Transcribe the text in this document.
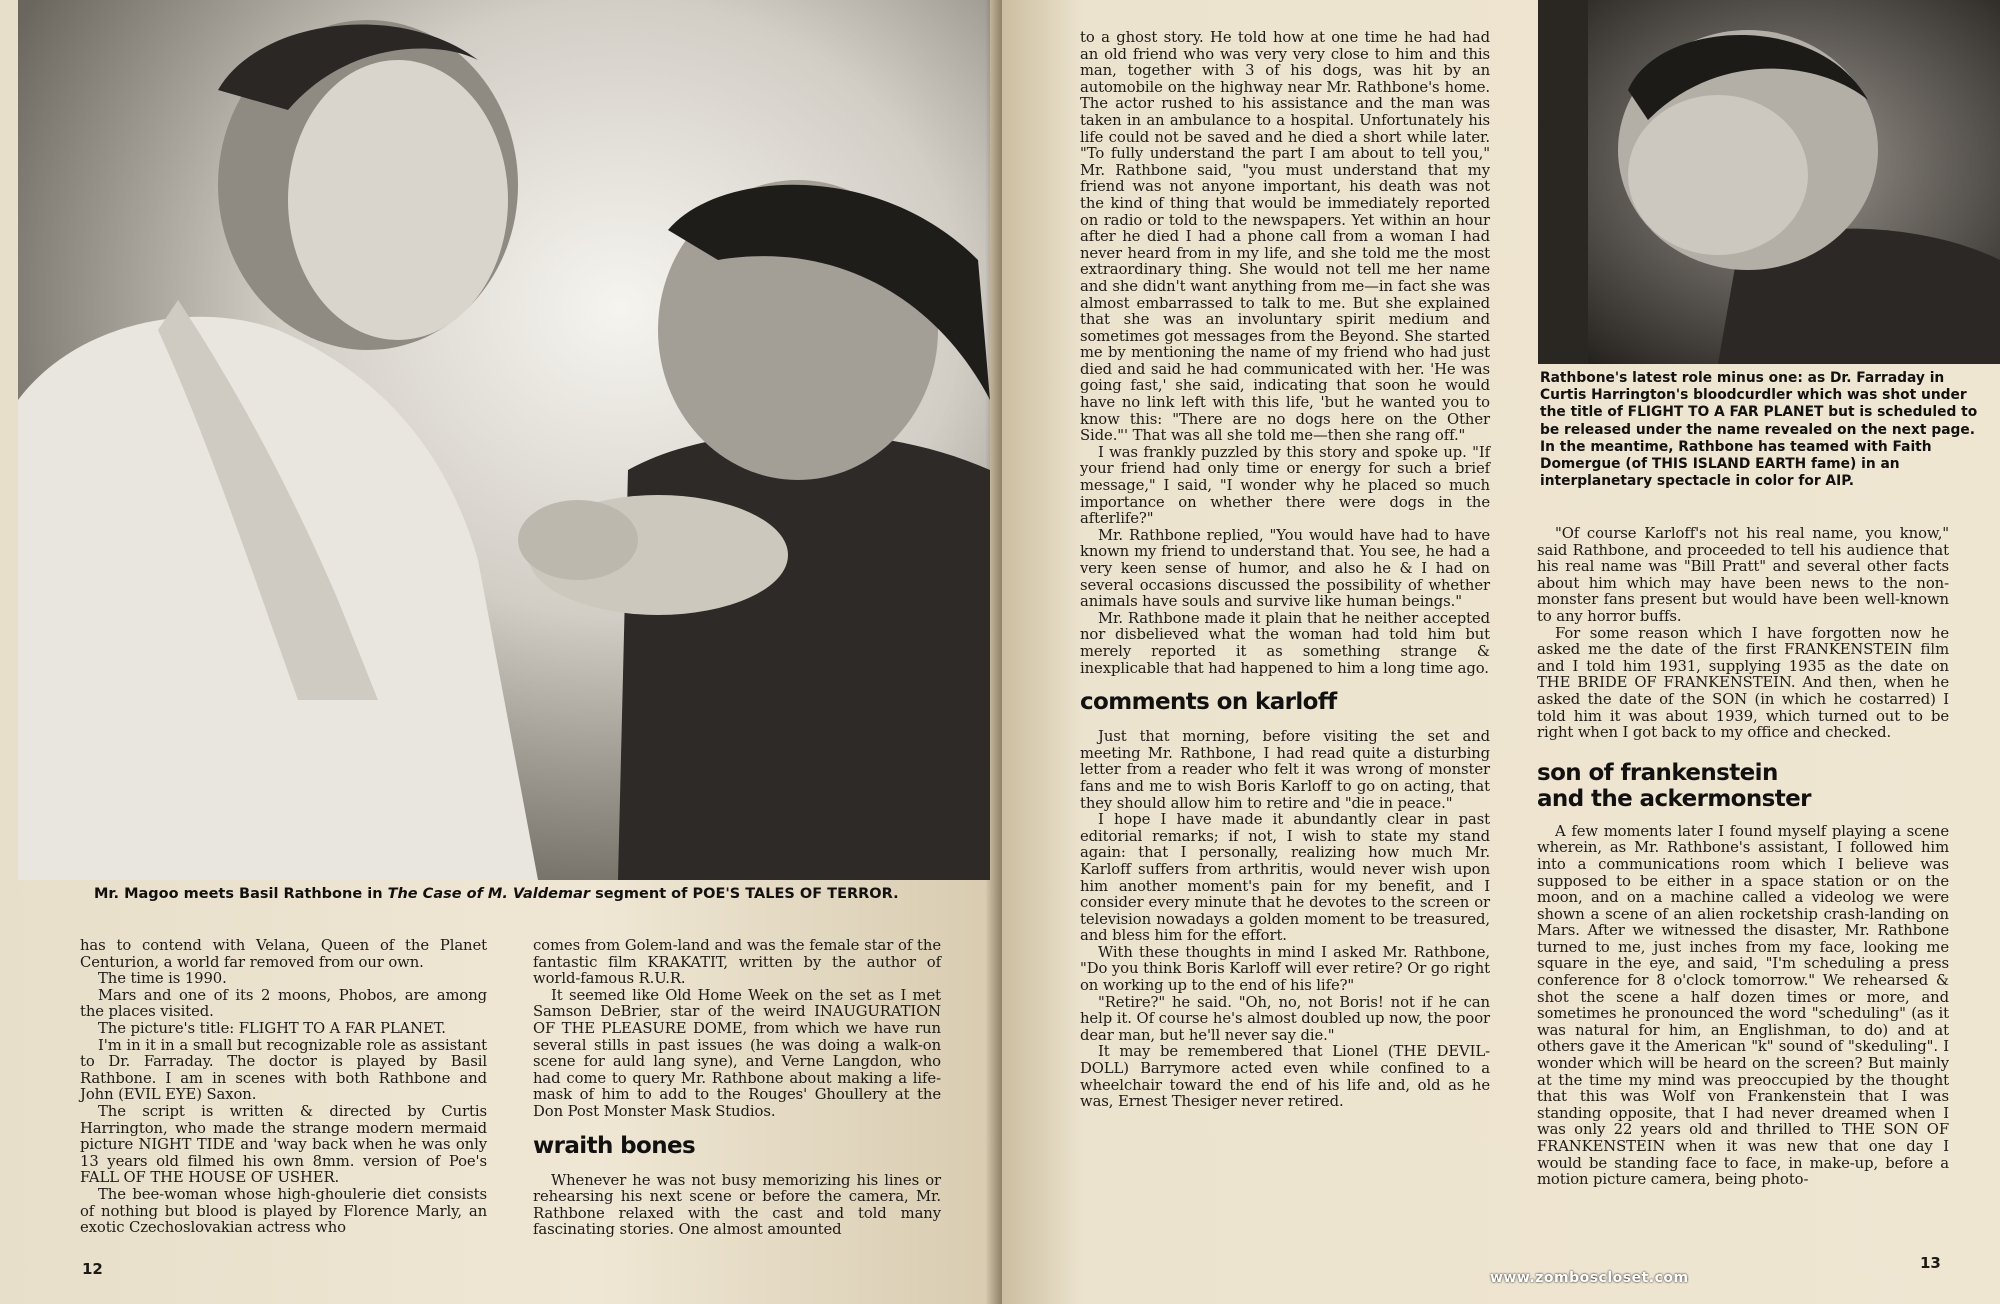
Mr. Magoo meets Basil Rathbone in The Case of M. Valdemar segment of POE'S TALES OF TERROR.

has to contend with Velana, Queen of the Planet Centurion, a world far removed from our own.

The time is 1990.

Mars and one of its 2 moons, Phobos, are among the places visited.

The picture's title: FLIGHT TO A FAR PLANET.

I'm in it in a small but recognizable role as assistant to Dr. Farraday. The doctor is played by Basil Rathbone. I am in scenes with both Rathbone and John (EVIL EYE) Saxon.

The script is written & directed by Curtis Harrington, who made the strange modern mermaid picture NIGHT TIDE and 'way back when he was only 13 years old filmed his own 8mm. version of Poe's FALL OF THE HOUSE OF USHER.

The bee-woman whose high-ghoulerie diet consists of nothing but blood is played by Florence Marly, an exotic Czechoslovakian actress who

comes from Golem-land and was the female star of the fantastic film KRAKATIT, written by the author of world-famous R.U.R.

It seemed like Old Home Week on the set as I met Samson DeBrier, star of the weird INAUGURATION OF THE PLEASURE DOME, from which we have run several stills in past issues (he was doing a walk-on scene for auld lang syne), and Verne Langdon, who had come to query Mr. Rathbone about making a life-mask of him to add to the Rouges' Ghoullery at the Don Post Monster Mask Studios.

wraith bones

Whenever he was not busy memorizing his lines or rehearsing his next scene or before the camera, Mr. Rathbone relaxed with the cast and told many fascinating stories. One almost amounted

12

to a ghost story. He told how at one time he had had an old friend who was very very close to him and this man, together with 3 of his dogs, was hit by an automobile on the highway near Mr. Rathbone's home. The actor rushed to his assistance and the man was taken in an ambulance to a hospital. Unfortunately his life could not be saved and he died a short while later. "To fully understand the part I am about to tell you," Mr. Rathbone said, "you must understand that my friend was not anyone important, his death was not the kind of thing that would be immediately reported on radio or told to the newspapers. Yet within an hour after he died I had a phone call from a woman I had never heard from in my life, and she told me the most extraordinary thing. She would not tell me her name and she didn't want anything from me—in fact she was almost embarrassed to talk to me. But she explained that she was an involuntary spirit medium and sometimes got messages from the Beyond. She started me by mentioning the name of my friend who had just died and said he had communicated with her. 'He was going fast,' she said, indicating that soon he would have no link left with this life, 'but he wanted you to know this: "There are no dogs here on the Other Side."' That was all she told me—then she rang off."

I was frankly puzzled by this story and spoke up. "If your friend had only time or energy for such a brief message," I said, "I wonder why he placed so much importance on whether there were dogs in the afterlife?"

Mr. Rathbone replied, "You would have had to have known my friend to understand that. You see, he had a very keen sense of humor, and also he & I had on several occasions discussed the possibility of whether animals have souls and survive like human beings."

Mr. Rathbone made it plain that he neither accepted nor disbelieved what the woman had told him but merely reported it as something strange & inexplicable that had happened to him a long time ago.

comments on karloff

Just that morning, before visiting the set and meeting Mr. Rathbone, I had read quite a disturbing letter from a reader who felt it was wrong of monster fans and me to wish Boris Karloff to go on acting, that they should allow him to retire and "die in peace."

I hope I have made it abundantly clear in past editorial remarks; if not, I wish to state my stand again: that I personally, realizing how much Mr. Karloff suffers from arthritis, would never wish upon him another moment's pain for my benefit, and I consider every minute that he devotes to the screen or television nowadays a golden moment to be treasured, and bless him for the effort.

With these thoughts in mind I asked Mr. Rathbone, "Do you think Boris Karloff will ever retire? Or go right on working up to the end of his life?"

"Retire?" he said. "Oh, no, not Boris! not if he can help it. Of course he's almost doubled up now, the poor dear man, but he'll never say die."

It may be remembered that Lionel (THE DEVIL-DOLL) Barrymore acted even while confined to a wheelchair toward the end of his life and, old as he was, Ernest Thesiger never retired.

Rathbone's latest role minus one: as Dr. Farraday in Curtis Harrington's bloodcurdler which was shot under the title of FLIGHT TO A FAR PLANET but is scheduled to be released under the name revealed on the next page. In the meantime, Rathbone has teamed with Faith Domergue (of THIS ISLAND EARTH fame) in an interplanetary spectacle in color for AIP.

"Of course Karloff's not his real name, you know," said Rathbone, and proceeded to tell his audience that his real name was "Bill Pratt" and several other facts about him which may have been news to the non-monster fans present but would have been well-known to any horror buffs.

For some reason which I have forgotten now he asked me the date of the first FRANKENSTEIN film and I told him 1931, supplying 1935 as the date on THE BRIDE OF FRANKENSTEIN. And then, when he asked the date of the SON (in which he costarred) I told him it was about 1939, which turned out to be right when I got back to my office and checked.

son of frankenstein
and the ackermonster

A few moments later I found myself playing a scene wherein, as Mr. Rathbone's assistant, I followed him into a communications room which I believe was supposed to be either in a space station or on the moon, and on a machine called a videolog we were shown a scene of an alien rocketship crash-landing on Mars. After we witnessed the disaster, Mr. Rathbone turned to me, just inches from my face, looking me square in the eye, and said, "I'm scheduling a press conference for 8 o'clock tomorrow." We rehearsed & shot the scene a half dozen times or more, and sometimes he pronounced the word "scheduling" (as it was natural for him, an Englishman, to do) and at others gave it the American "k" sound of "skeduling". I wonder which will be heard on the screen? But mainly at the time my mind was preoccupied by the thought that this was Wolf von Frankenstein that I was standing opposite, that I had never dreamed when I was only 22 years old and thrilled to THE SON OF FRANKENSTEIN when it was new that one day I would be standing face to face, in make-up, before a motion picture camera, being photo-

www.zomboscloset.com
13
